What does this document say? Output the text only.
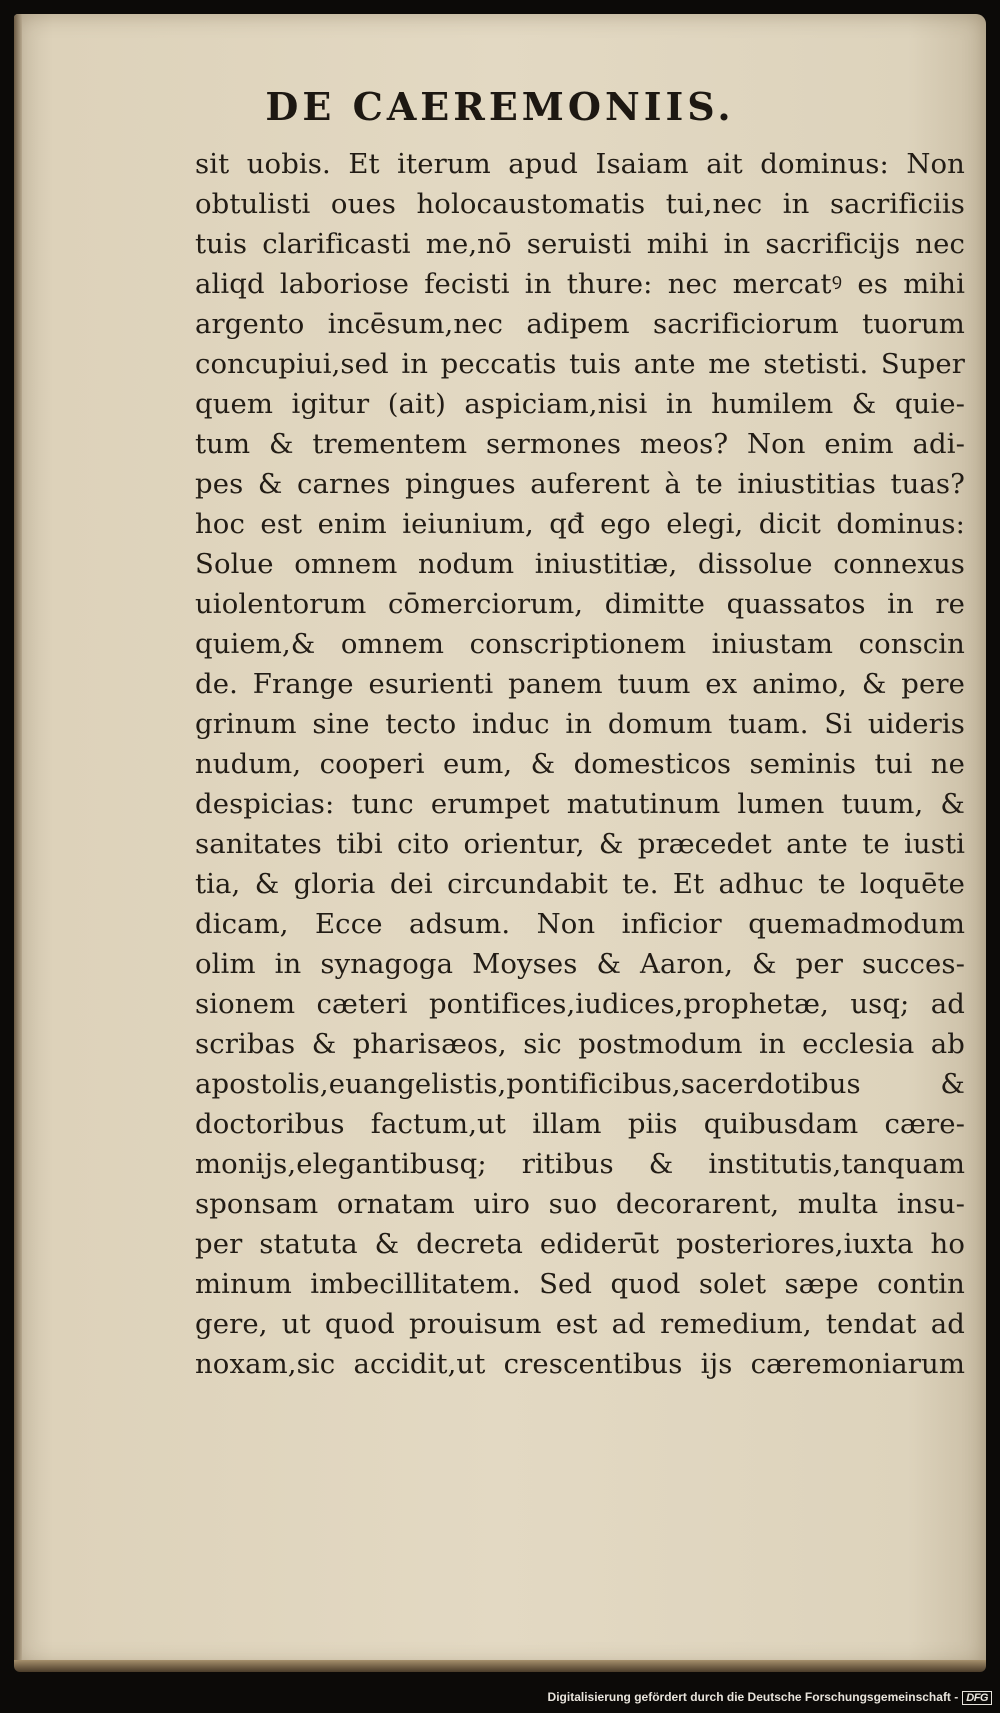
DE CAEREMONIIS.
sit uobis. Et iterum apud Isaiam ait dominus: Non
obtulisti oues holocaustomatis tui,nec in sacrificiis
tuis clarificasti me,nō seruisti mihi in sacrificijs nec
aliqd laboriose fecisti in thure: nec mercatꝰ es mihi
argento incēsum,nec adipem sacrificiorum tuorum
concupiui,sed in peccatis tuis ante me stetisti. Super
quem igitur (ait) aspiciam,nisi in humilem & quie-
tum & trementem sermones meos? Non enim adi-
pes & carnes pingues auferent à te iniustitias tuas?
hoc est enim ieiunium, qđ ego elegi, dicit dominus:
Solue omnem nodum iniustitiæ, dissolue connexus
uiolentorum cōmerciorum, dimitte quassatos in re
quiem,& omnem conscriptionem iniustam conscin
de. Frange esurienti panem tuum ex animo, & pere
grinum sine tecto induc in domum tuam. Si uideris
nudum, cooperi eum, & domesticos seminis tui ne
despicias: tunc erumpet matutinum lumen tuum, &
sanitates tibi cito orientur, & præcedet ante te iusti
tia, & gloria dei circundabit te. Et adhuc te loquēte
dicam, Ecce adsum. Non inficior quemadmodum
olim in synagoga Moyses & Aaron, & per succes-
sionem cæteri pontifices,iudices,prophetæ, usq; ad
scribas & pharisæos, sic postmodum in ecclesia ab
apostolis,euangelistis,pontificibus,sacerdotibus &
doctoribus factum,ut illam piis quibusdam cære-
monijs,elegantibusq; ritibus & institutis,tanquam
sponsam ornatam uiro suo decorarent, multa insu-
per statuta & decreta ediderūt posteriores,iuxta ho
minum imbecillitatem. Sed quod solet sæpe contin
gere, ut quod prouisum est ad remedium, tendat ad
noxam,sic accidit,ut crescentibus ijs cæremoniarum
Digitalisierung gefördert durch die Deutsche Forschungsgemeinschaft - DFG
